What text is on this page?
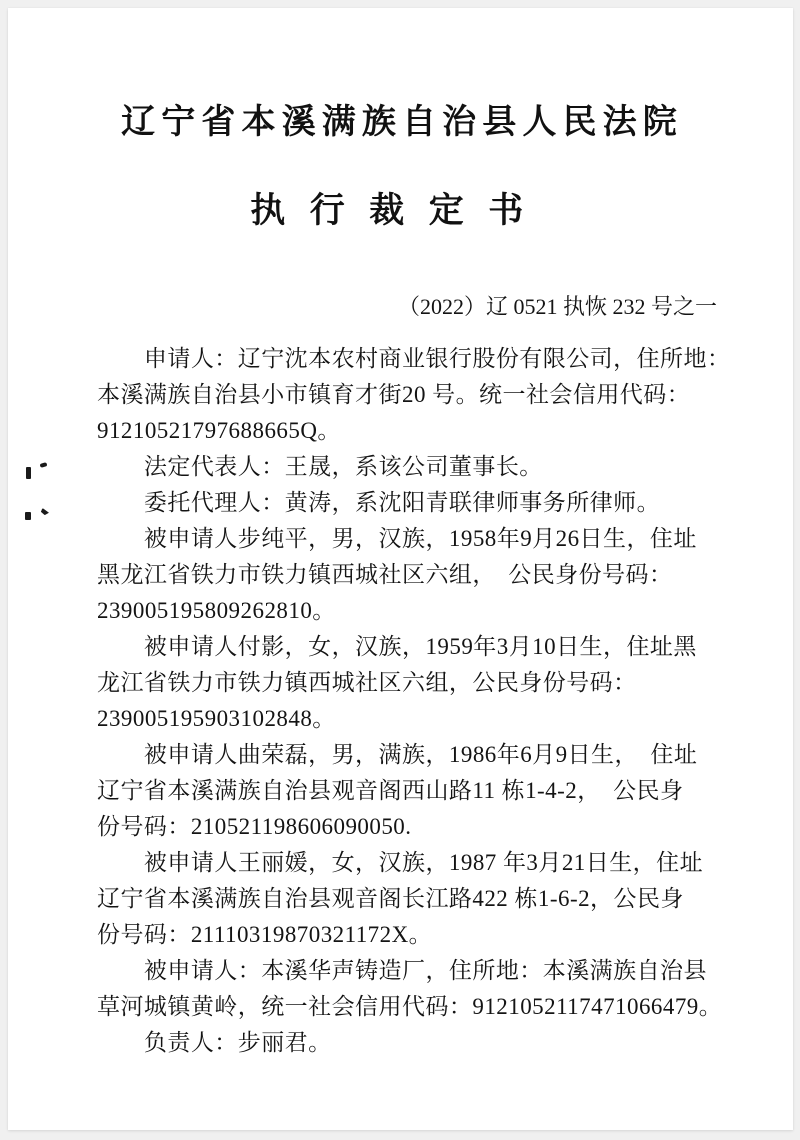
辽宁省本溪满族自治县人民法院
执行裁定书
（2022）辽 0521 执恢 232 号之一
　　申请人：辽宁沈本农村商业银行股份有限公司，住所地：
本溪满族自治县小市镇育才街20 号。统一社会信用代码：
91210521797688665Q。
　　法定代表人：王晟，系该公司董事长。
　　委托代理人：黄涛，系沈阳青联律师事务所律师。
　　被申请人步纯平，男，汉族，1958年9月26日生，住址
黑龙江省铁力市铁力镇西城社区六组，  公民身份号码：
239005195809262810。
　　被申请人付影，女，汉族，1959年3月10日生，住址黑
龙江省铁力市铁力镇西城社区六组，公民身份号码：
239005195903102848。
　　被申请人曲荣磊，男，满族，1986年6月9日生，  住址
辽宁省本溪满族自治县观音阁西山路11 栋1-4-2，  公民身
份号码：210521198606090050.
　　被申请人王丽媛，女，汉族，1987 年3月21日生，住址
辽宁省本溪满族自治县观音阁长江路422 栋1-6-2，公民身
份号码：21110319870321172X。
　　被申请人：本溪华声铸造厂，住所地：本溪满族自治县
草河城镇黄岭，统一社会信用代码：9121052117471066479。
　　负责人：步丽君。
